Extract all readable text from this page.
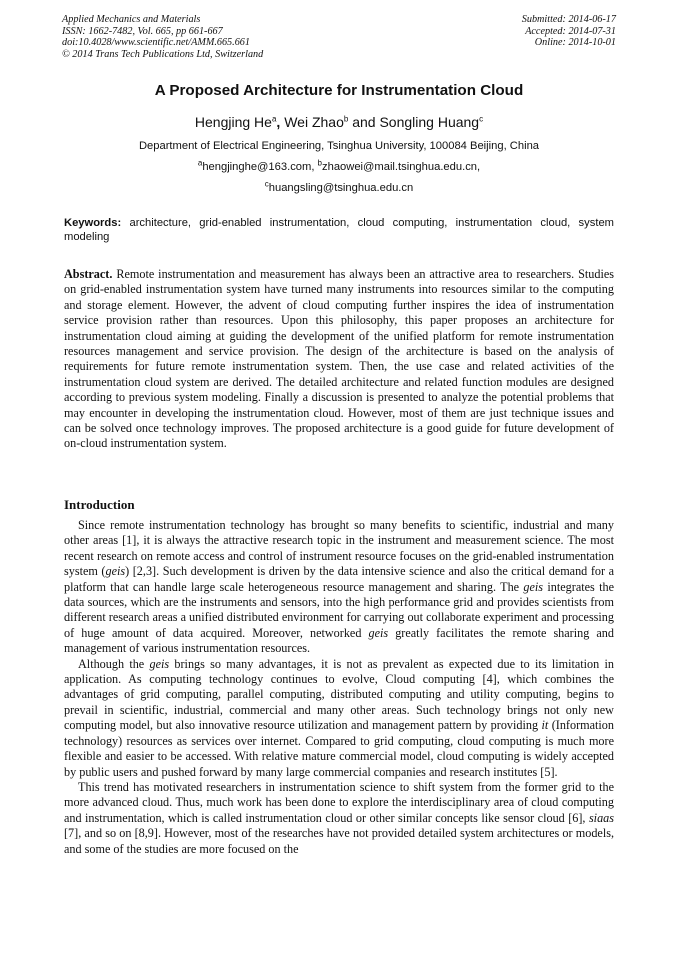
Applied Mechanics and Materials
ISSN: 1662-7482, Vol. 665, pp 661-667
doi:10.4028/www.scientific.net/AMM.665.661
© 2014 Trans Tech Publications Ltd, Switzerland
Submitted: 2014-06-17
Accepted: 2014-07-31
Online: 2014-10-01
A Proposed Architecture for Instrumentation Cloud
Hengjing He$^a$, Wei Zhao$^b$ and Songling Huang$^c$
Department of Electrical Engineering, Tsinghua University, 100084 Beijing, China
$^a$hengjinghe@163.com, $^b$zhaowei@mail.tsinghua.edu.cn,
$^c$huangsling@tsinghua.edu.cn
Keywords: architecture, grid-enabled instrumentation, cloud computing, instrumentation cloud, system modeling
Abstract. Remote instrumentation and measurement has always been an attractive area to researchers. Studies on grid-enabled instrumentation system have turned many instruments into resources similar to the computing and storage element. However, the advent of cloud computing further inspires the idea of instrumentation service provision rather than resources. Upon this philosophy, this paper proposes an architecture for instrumentation cloud aiming at guiding the development of the unified platform for remote instrumentation resources management and service provision. The design of the architecture is based on the analysis of requirements for future remote instrumentation system. Then, the use case and related activities of the instrumentation cloud system are derived. The detailed architecture and related function modules are designed according to previous system modeling. Finally a discussion is presented to analyze the potential problems that may encounter in developing the instrumentation cloud. However, most of them are just technique issues and can be solved once technology improves. The proposed architecture is a good guide for future development of on-cloud instrumentation system.
Introduction

Since remote instrumentation technology has brought so many benefits to scientific, industrial and many other areas [1], it is always the attractive research topic in the instrument and measurement science. The most recent research on remote access and control of instrument resource focuses on the grid-enabled instrumentation system (geis) [2,3]. Such development is driven by the data intensive science and also the critical demand for a platform that can handle large scale heterogeneous resource management and sharing. The geis integrates the data sources, which are the instruments and sensors, into the high performance grid and provides scientists from different research areas a unified distributed environment for carrying out collaborate experiment and processing of huge amount of data acquired. Moreover, networked geis greatly facilitates the remote sharing and management of various instrumentation resources.

Although the geis brings so many advantages, it is not as prevalent as expected due to its limitation in application. As computing technology continues to evolve, Cloud computing [4], which combines the advantages of grid computing, parallel computing, distributed computing and utility computing, begins to prevail in scientific, industrial, commercial and many other areas. Such technology brings not only new computing model, but also innovative resource utilization and management pattern by providing it (Information technology) resources as services over internet. Compared to grid computing, cloud computing is much more flexible and easier to be accessed. With relative mature commercial model, cloud computing is widely accepted by public users and pushed forward by many large commercial companies and research institutes [5].

This trend has motivated researchers in instrumentation science to shift system from the former grid to the more advanced cloud. Thus, much work has been done to explore the interdisciplinary area of cloud computing and instrumentation, which is called instrumentation cloud or other similar concepts like sensor cloud [6], siaas [7], and so on [8,9]. However, most of the researches have not provided detailed system architectures or models, and some of the studies are more focused on the
